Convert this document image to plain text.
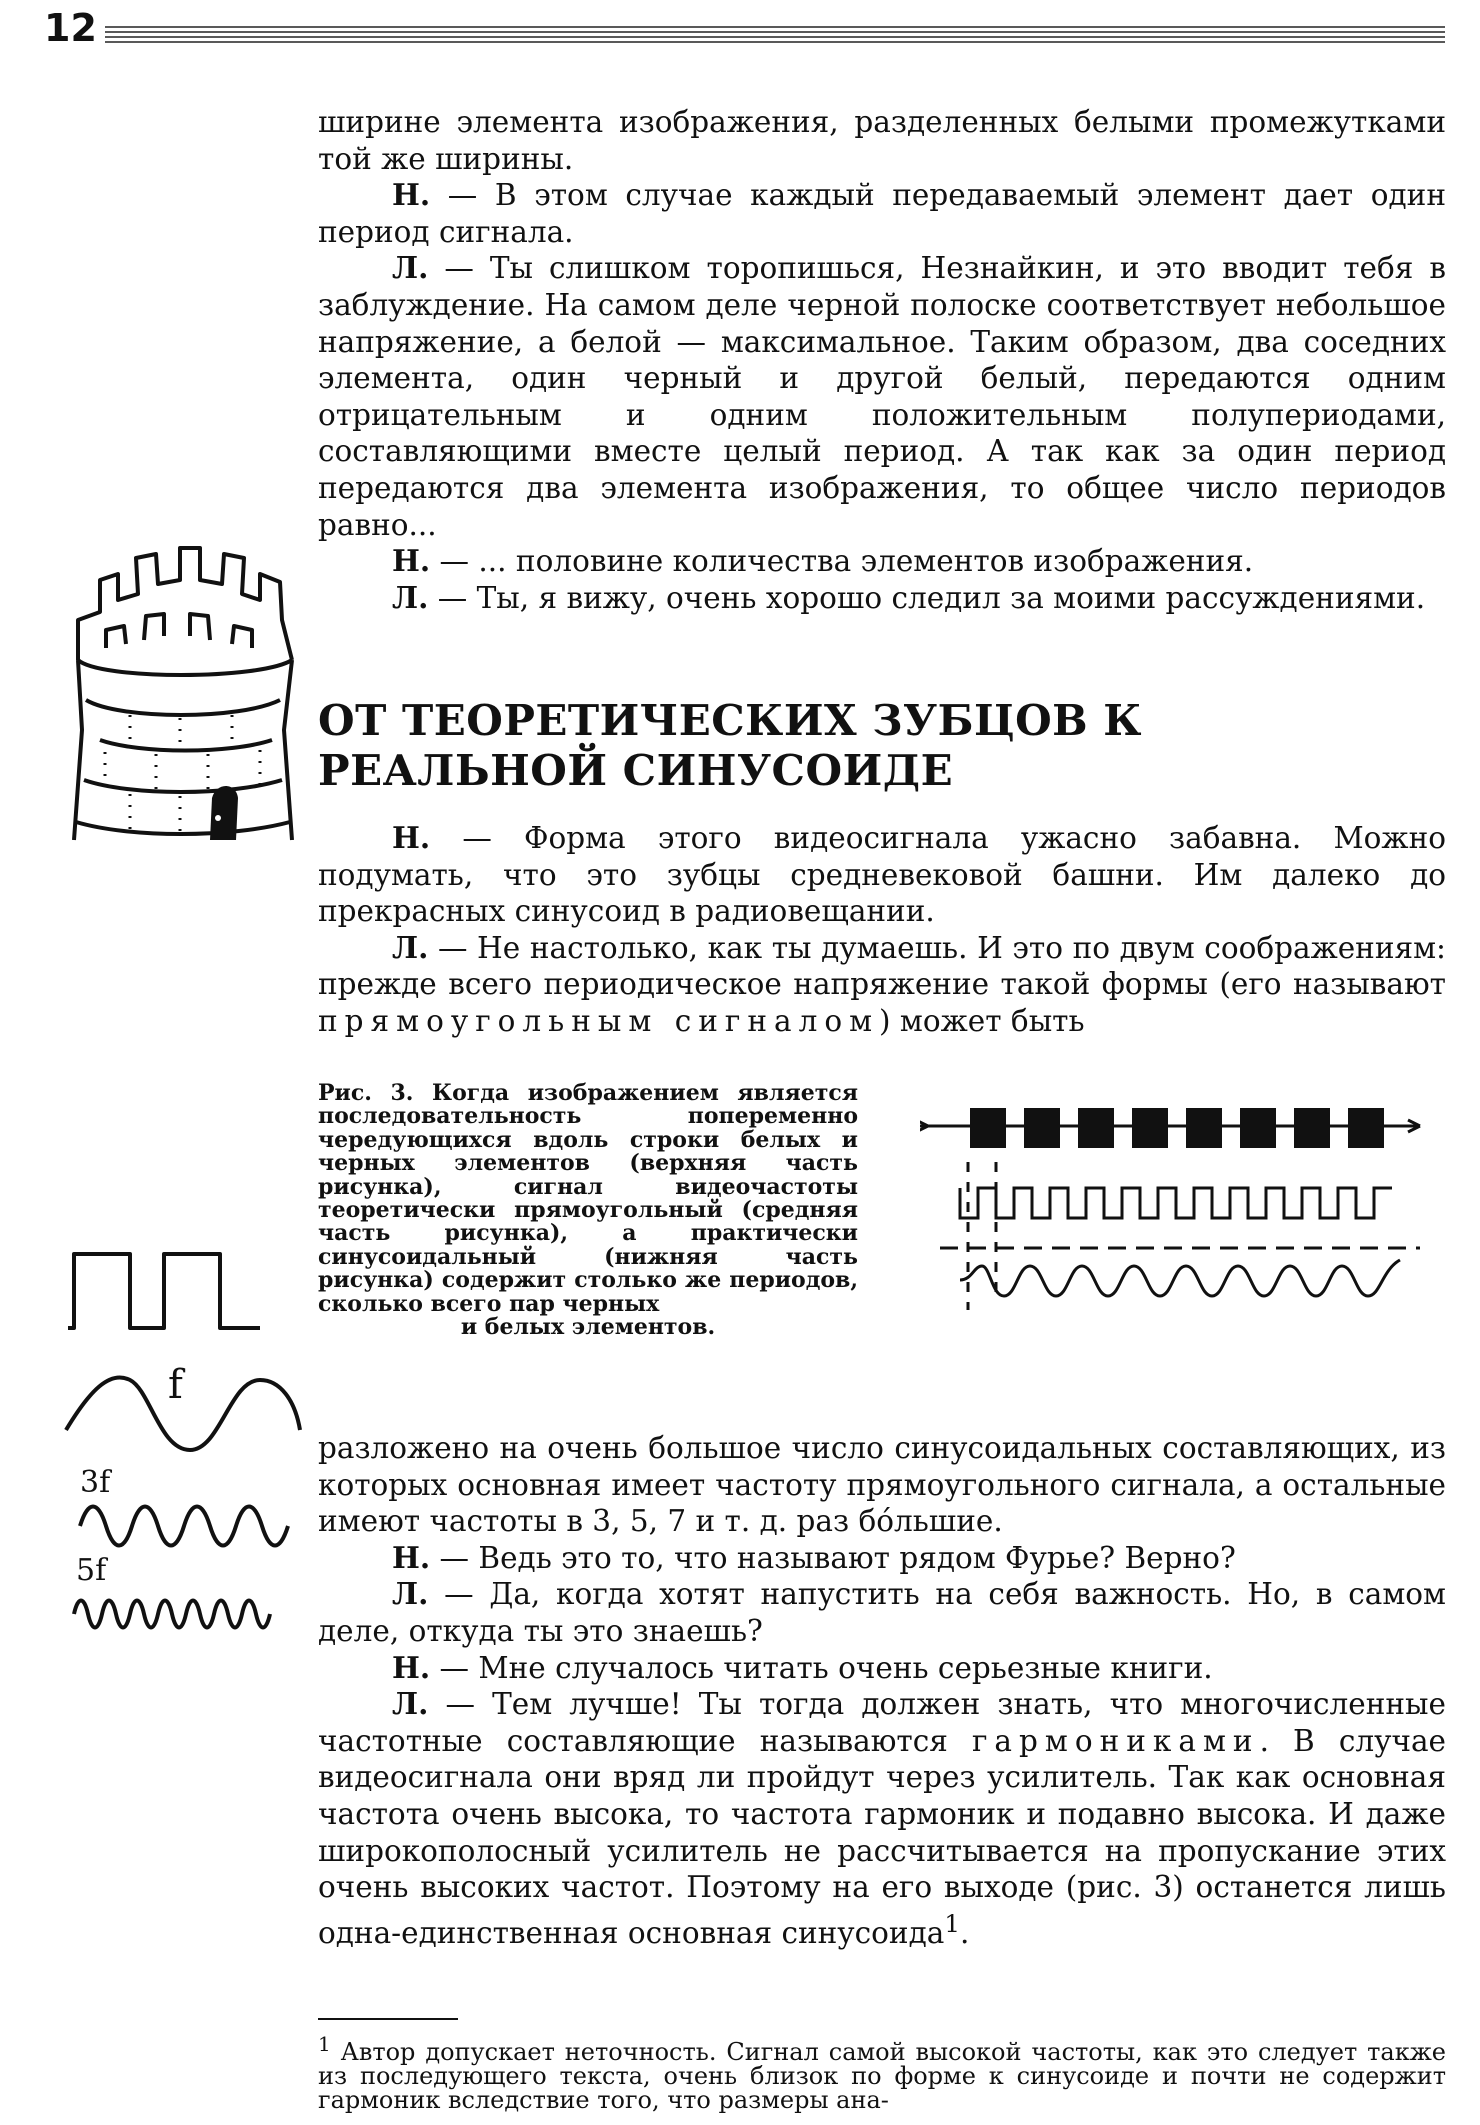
12

ширине элемента изображения, разделенных белыми промежутками той же ширины.

Н. — В этом случае каждый передаваемый элемент дает один период сигнала.

Л. — Ты слишком торопишься, Незнайкин, и это вводит тебя в заблуждение. На самом деле черной полоске соответствует небольшое напряжение, а белой — максимальное. Таким образом, два соседних элемента, один черный и другой белый, передаются одним отрицательным и одним положительным полупериодами, составляющими вместе целый период. А так как за один период передаются два элемента изображения, то общее число периодов равно...

Н. — ... половине количества элементов изображения.

Л. — Ты, я вижу, очень хорошо следил за моими рассуждениями.

ОТ ТЕОРЕТИЧЕСКИХ ЗУБЦОВ К РЕАЛЬНОЙ СИНУСОИДЕ

Н. — Форма этого видеосигнала ужасно забавна. Можно подумать, что это зубцы средневековой башни. Им далеко до прекрасных синусоид в радиовещании.

Л. — Не настолько, как ты думаешь. И это по двум соображениям: прежде всего периодическое напряжение такой формы (его называют прямоугольным сигналом) может быть

Рис. 3. Когда изображением является последовательность попеременно чередующихся вдоль строки белых и черных элементов (верхняя часть рисунка), сигнал видеочастоты теоретически прямоугольный (средняя часть рисунка), а практически синусоидальный (нижняя часть рисунка) содержит столько же периодов, сколько всего пар черных
и белых элементов.
f
3f
5f

разложено на очень большое число синусоидальных составляющих, из которых основная имеет частоту прямоугольного сигнала, а остальные имеют частоты в 3, 5, 7 и т. д. раз бо́льшие.

Н. — Ведь это то, что называют рядом Фурье? Верно?

Л. — Да, когда хотят напустить на себя важность. Но, в самом деле, откуда ты это знаешь?

Н. — Мне случалось читать очень серьезные книги.

Л. — Тем лучше! Ты тогда должен знать, что многочисленные частотные составляющие называются гармониками. В случае видеосигнала они вряд ли пройдут через усилитель. Так как основная частота очень высока, то частота гармоник и подавно высока. И даже широкополосный усилитель не рассчитывается на пропускание этих очень высоких частот. Поэтому на его выходе (рис. 3) останется лишь одна-единственная основная синусоида$^1$.

$^1$ Автор допускает неточность. Сигнал самой высокой частоты, как это следует также из последующего текста, очень близок по форме к синусоиде и почти не содержит гармоник вследствие того, что размеры ана-
